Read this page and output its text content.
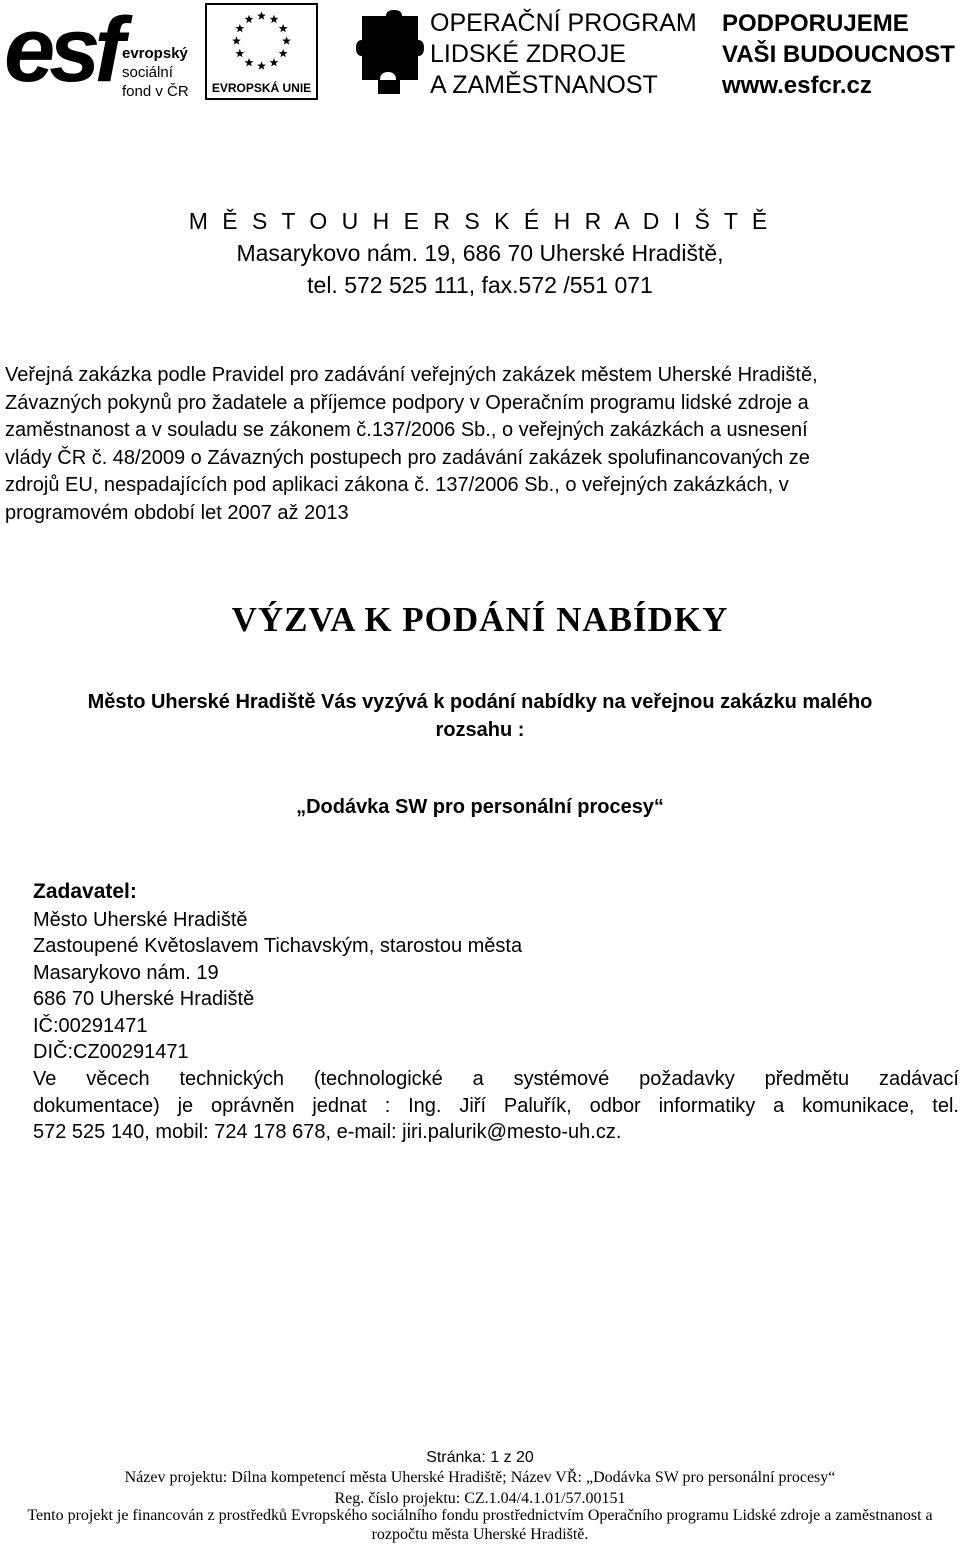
esf evropský
sociální
fond v ČR	EVROPSKÁ UNIE
OPERAČNÍ PROGRAM
LIDSKÉ ZDROJE
A ZAMĚSTNANOST
PODPORUJEME
VAŠI BUDOUCNOST
www.esfcr.cz
M Ě S T O U H E R S K É H R A D I Š T Ě
Masarykovo nám. 19, 686 70 Uherské Hradiště,
tel. 572 525 111, fax.572 /551 071

Veřejná zakázka podle Pravidel pro zadávání veřejných zakázek městem Uherské Hradiště,

Závazných pokynů pro žadatele a příjemce podpory v Operačním programu lidské zdroje a

zaměstnanost a v souladu se zákonem č.137/2006 Sb., o veřejných zakázkách a usnesení

vlády ČR č. 48/2009 o Závazných postupech pro zadávání zakázek spolufinancovaných ze

zdrojů EU, nespadajících pod aplikaci zákona č. 137/2006 Sb., o veřejných zakázkách, v

programovém období let 2007 až 2013

VÝZVA K PODÁNÍ NABÍDKY
Město Uherské Hradiště Vás vyzývá k podání nabídky na veřejnou zakázku malého
rozsahu :
„Dodávka SW pro personální procesy“
Zadavatel:
Město Uherské Hradiště
Zastoupené Květoslavem Tichavským, starostou města
Masarykovo nám. 19
686 70 Uherské Hradiště
IČ:00291471
DIČ:CZ00291471
Ve věcech technických (technologické a systémové požadavky předmětu zadávací
dokumentace) je oprávněn jednat : Ing. Jiří Paluřík, odbor informatiky a komunikace, tel.
572 525 140, mobil: 724 178 678, e-mail: jiri.palurik@mesto-uh.cz.
Stránka: 1 z 20
Název projektu: Dílna kompetencí města Uherské Hradiště; Název VŘ: „Dodávka SW pro personální procesy“
Reg. číslo projektu: CZ.1.04/4.1.01/57.00151
Tento projekt je financován z prostředků Evropského sociálního fondu prostřednictvím Operačního programu Lidské zdroje a zaměstnanost a
rozpočtu města Uherské Hradiště.
